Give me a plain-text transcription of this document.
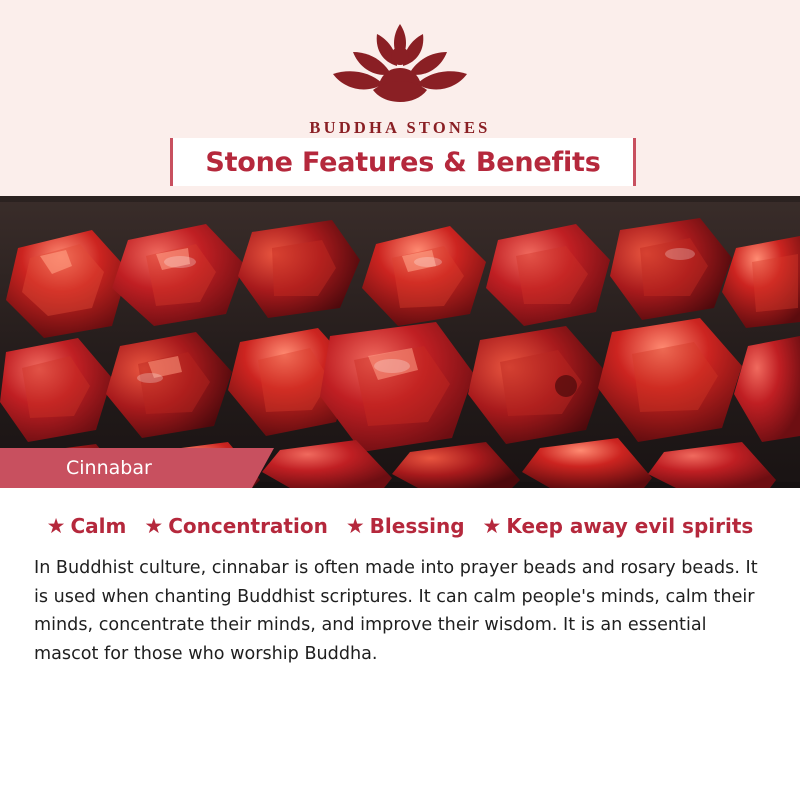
Cinnabar
BUDDHA STONES
Stone Features & Benefits
★ Calm ★ Concentration ★ Blessing ★ Keep away evil spirits

In Buddhist culture, cinnabar is often made into prayer beads and rosary beads. It is used when chanting Buddhist scriptures. It can calm people's minds, calm their minds, concentrate their minds, and improve their wisdom. It is an essential mascot for those who worship Buddha.
